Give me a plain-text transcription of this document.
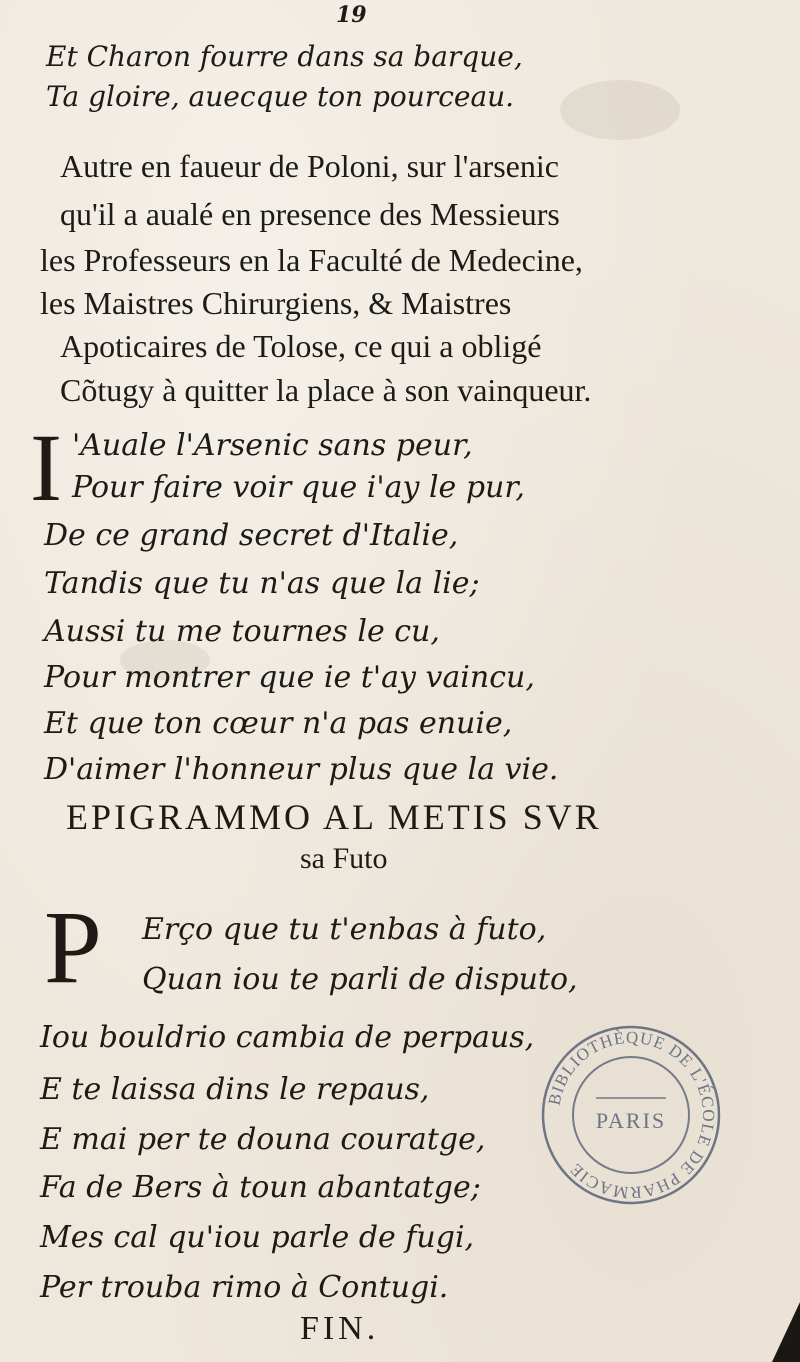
19
Et Charon fourre dans sa barque,
Ta gloire, auecque ton pourceau.
Autre en faueur de Poloni, sur l'arsenic
qu'il a aualé en presence des Messieurs
les Professeurs en la Faculté de Medecine,
les Maistres Chirurgiens, & Maistres
Apoticaires de Tolose, ce qui a obligé
Cõtugy à quitter la place à son vainqueur.
I 'Auale l'Arsenic sans peur,
Pour faire voir que i'ay le pur,
De ce grand secret d'Italie,
Tandis que tu n'as que la lie;
Aussi tu me tournes le cu,
Pour montrer que ie t'ay vaincu,
Et que ton cœur n'a pas enuie,
D'aimer l'honneur plus que la vie.
EPIGRAMMO AL METIS SVR
sa Futo
P Erço que tu t'enbas à futo,
Quan iou te parli de disputo,
Iou bouldrio cambia de perpaus,
E te laissa dins le repaus,
E mai per te douna couratge,
Fa de Bers à toun abantatge;
Mes cal qu'iou parle de fugi,
Per trouba rimo à Contugi.
FIN.
BIBLIOTHÈQUE DE L'ÉCOLE DE PHARMACIE
PARIS
